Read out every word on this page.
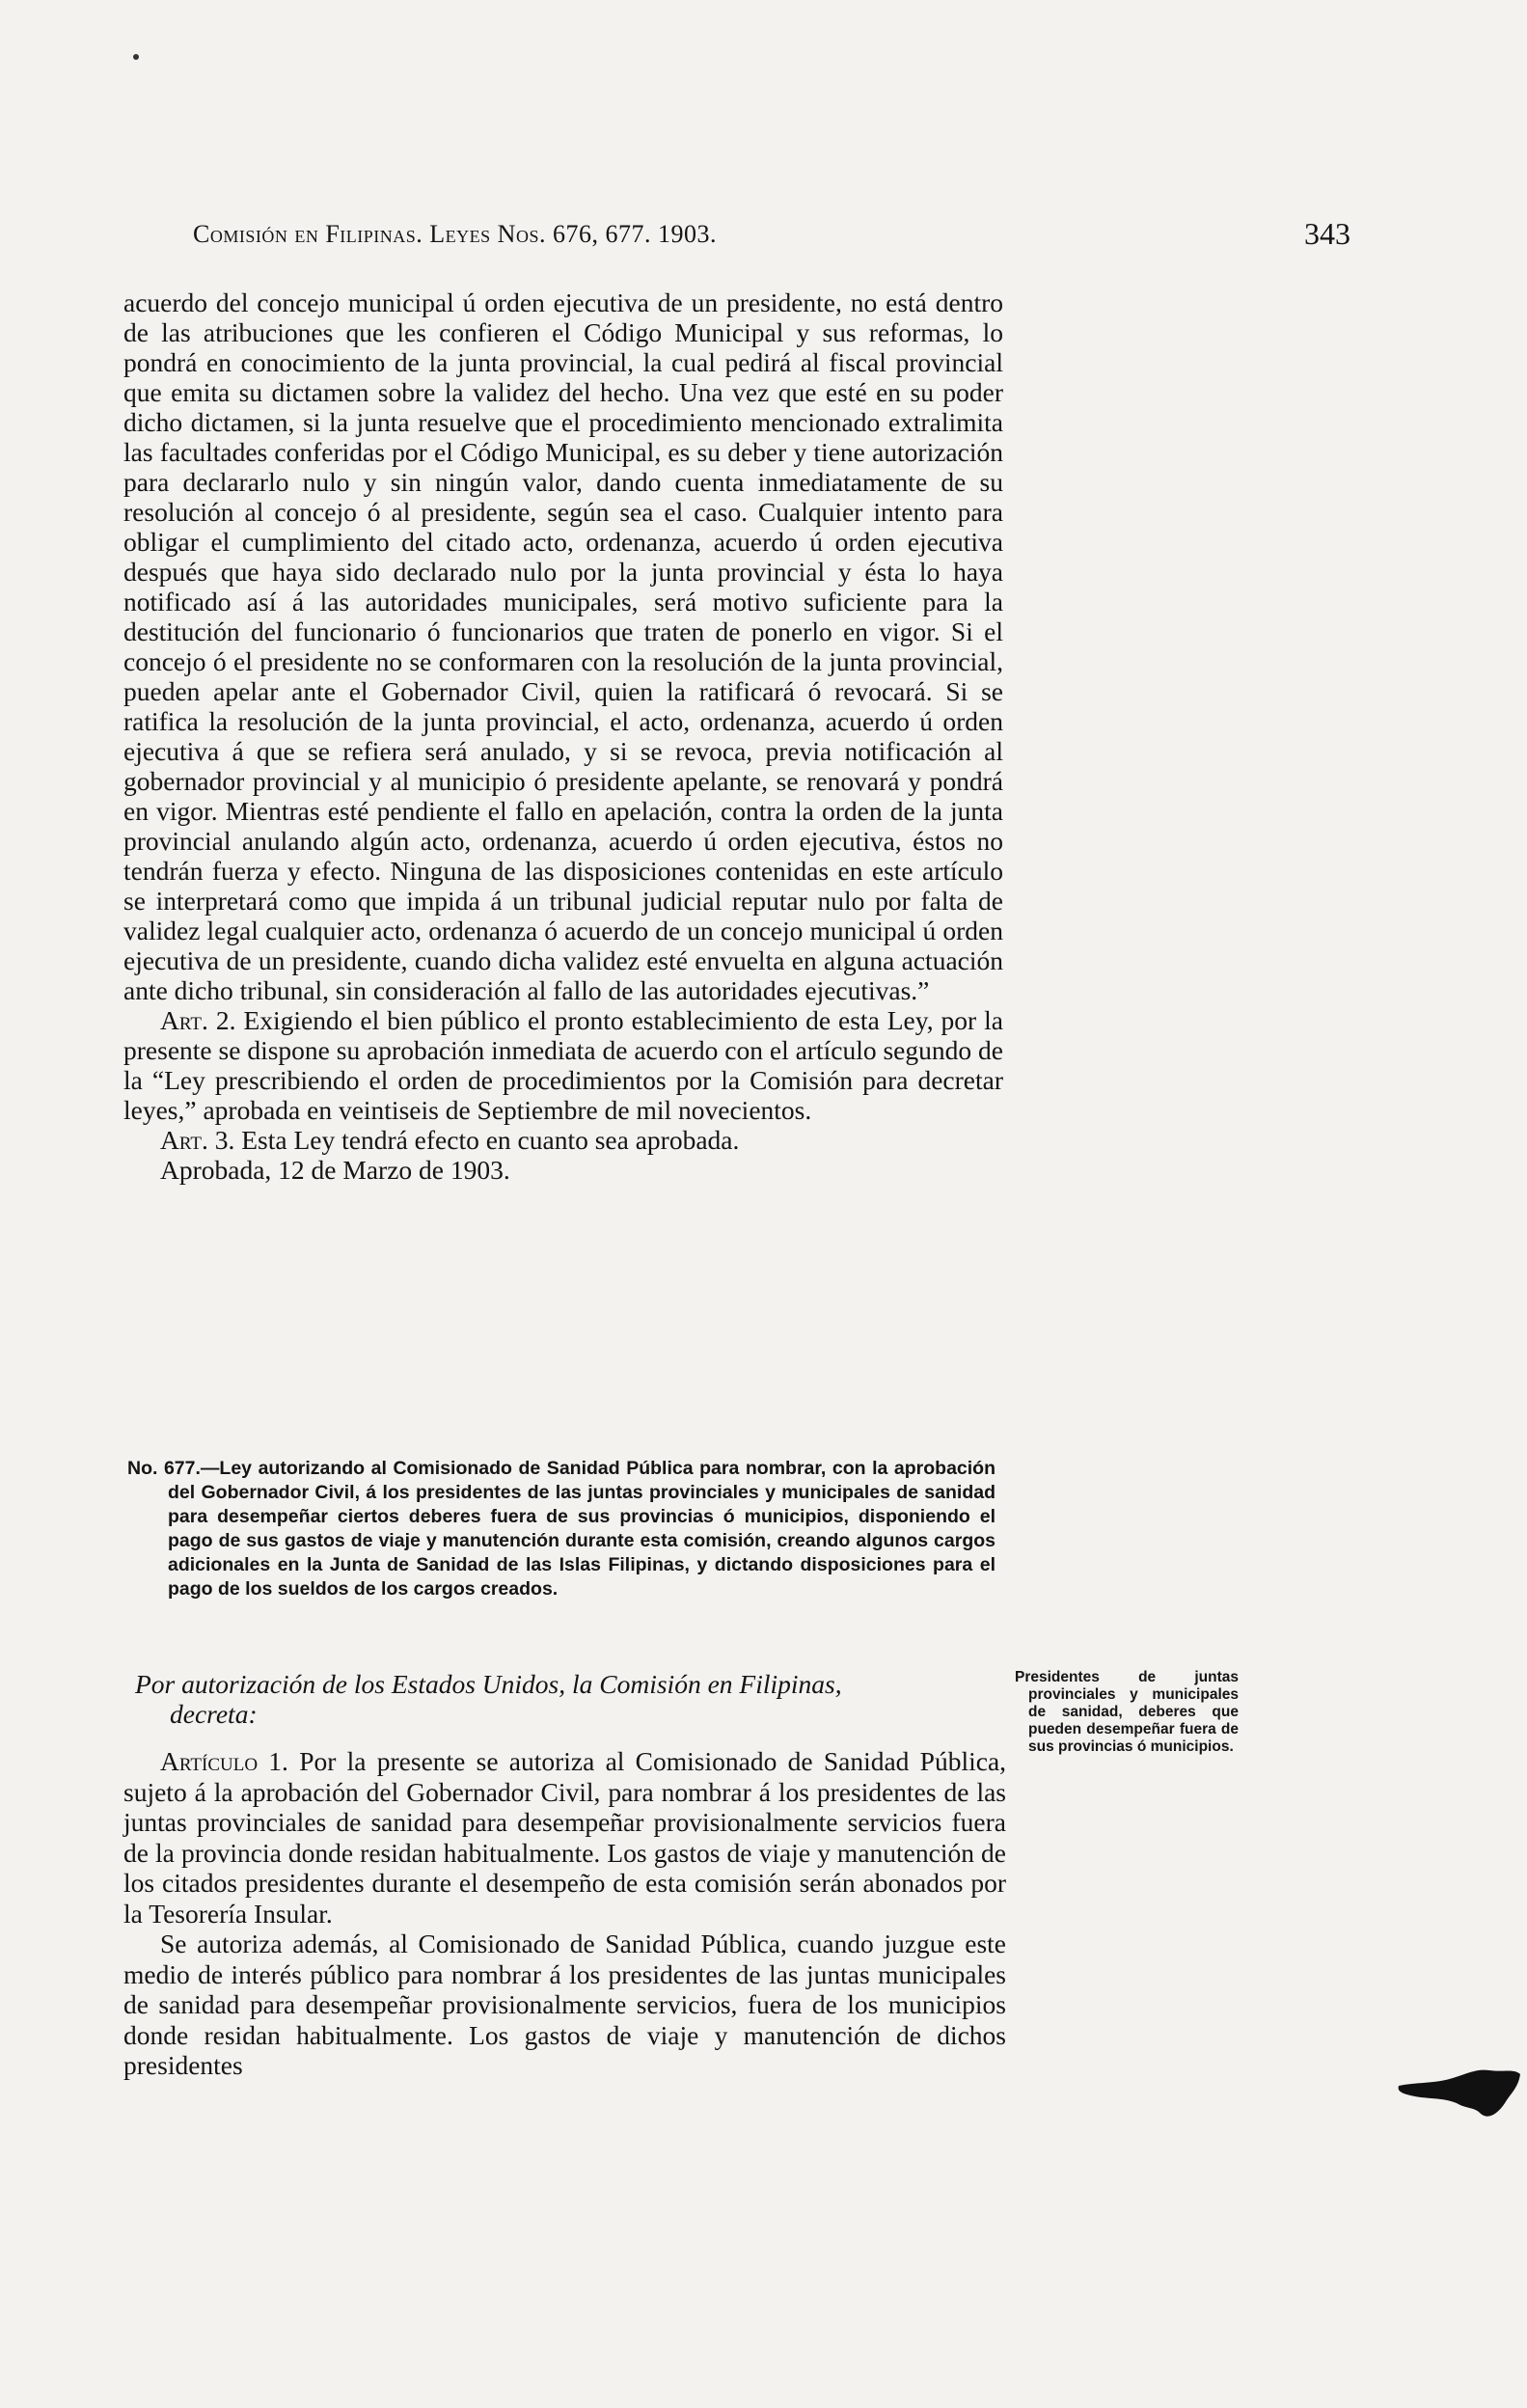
Comisión en Filipinas. Leyes Nos. 676, 677. 1903.	343

acuerdo del concejo municipal ú orden ejecutiva de un presidente, no está dentro de las atribuciones que les confieren el Código Municipal y sus reformas, lo pondrá en conocimiento de la junta provincial, la cual pedirá al fiscal provincial que emita su dictamen sobre la validez del hecho. Una vez que esté en su poder dicho dictamen, si la junta resuelve que el procedimiento mencionado extralimita las facultades conferidas por el Código Municipal, es su deber y tiene autorización para declararlo nulo y sin ningún valor, dando cuenta inmediatamente de su resolución al concejo ó al presidente, según sea el caso. Cualquier intento para obligar el cumplimiento del citado acto, ordenanza, acuerdo ú orden ejecutiva después que haya sido declarado nulo por la junta provincial y ésta lo haya notificado así á las autoridades municipales, será motivo suficiente para la destitución del funcionario ó funcionarios que traten de ponerlo en vigor. Si el concejo ó el presidente no se conformaren con la resolución de la junta provincial, pueden apelar ante el Gobernador Civil, quien la ratificará ó revocará. Si se ratifica la resolución de la junta provincial, el acto, ordenanza, acuerdo ú orden ejecutiva á que se refiera será anulado, y si se revoca, previa notificación al gobernador provincial y al municipio ó presidente apelante, se renovará y pondrá en vigor. Mientras esté pendiente el fallo en apelación, contra la orden de la junta provincial anulando algún acto, ordenanza, acuerdo ú orden ejecutiva, éstos no tendrán fuerza y efecto. Ninguna de las disposiciones contenidas en este artículo se interpretará como que impida á un tribunal judicial reputar nulo por falta de validez legal cualquier acto, ordenanza ó acuerdo de un concejo municipal ú orden ejecutiva de un presidente, cuando dicha validez esté envuelta en alguna actuación ante dicho tribunal, sin consideración al fallo de las autoridades ejecutivas.”

Art. 2. Exigiendo el bien público el pronto establecimiento de esta Ley, por la presente se dispone su aprobación inmediata de acuerdo con el artículo segundo de la “Ley prescribiendo el orden de procedimientos por la Comisión para decretar leyes,” aprobada en veintiseis de Septiembre de mil novecientos.

Art. 3. Esta Ley tendrá efecto en cuanto sea aprobada.

Aprobada, 12 de Marzo de 1903.

No. 677.—Ley autorizando al Comisionado de Sanidad Pública para nombrar, con la aprobación del Gobernador Civil, á los presidentes de las juntas provinciales y municipales de sanidad para desempeñar ciertos deberes fuera de sus provincias ó municipios, disponiendo el pago de sus gastos de viaje y manutención durante esta comisión, creando algunos cargos adicionales en la Junta de Sanidad de las Islas Filipinas, y dictando disposiciones para el pago de los sueldos de los cargos creados.

Por autorización de los Estados Unidos, la Comisión en Filipinas,

decreta:

Artículo 1. Por la presente se autoriza al Comisionado de Sanidad Pública, sujeto á la aprobación del Gobernador Civil, para nombrar á los presidentes de las juntas provinciales de sanidad para desempeñar provisionalmente servicios fuera de la provincia donde residan habitualmente. Los gastos de viaje y manutención de los citados presidentes durante el desempeño de esta comisión serán abonados por la Tesorería Insular.

Se autoriza además, al Comisionado de Sanidad Pública, cuando juzgue este medio de interés público para nombrar á los presidentes de las juntas municipales de sanidad para desempeñar provisionalmente servicios, fuera de los municipios donde residan habitualmente. Los gastos de viaje y manutención de dichos presidentes

Presidentes de juntas provinciales y municipales de sanidad, deberes que pueden desempeñar fuera de sus provincias ó municipios.
